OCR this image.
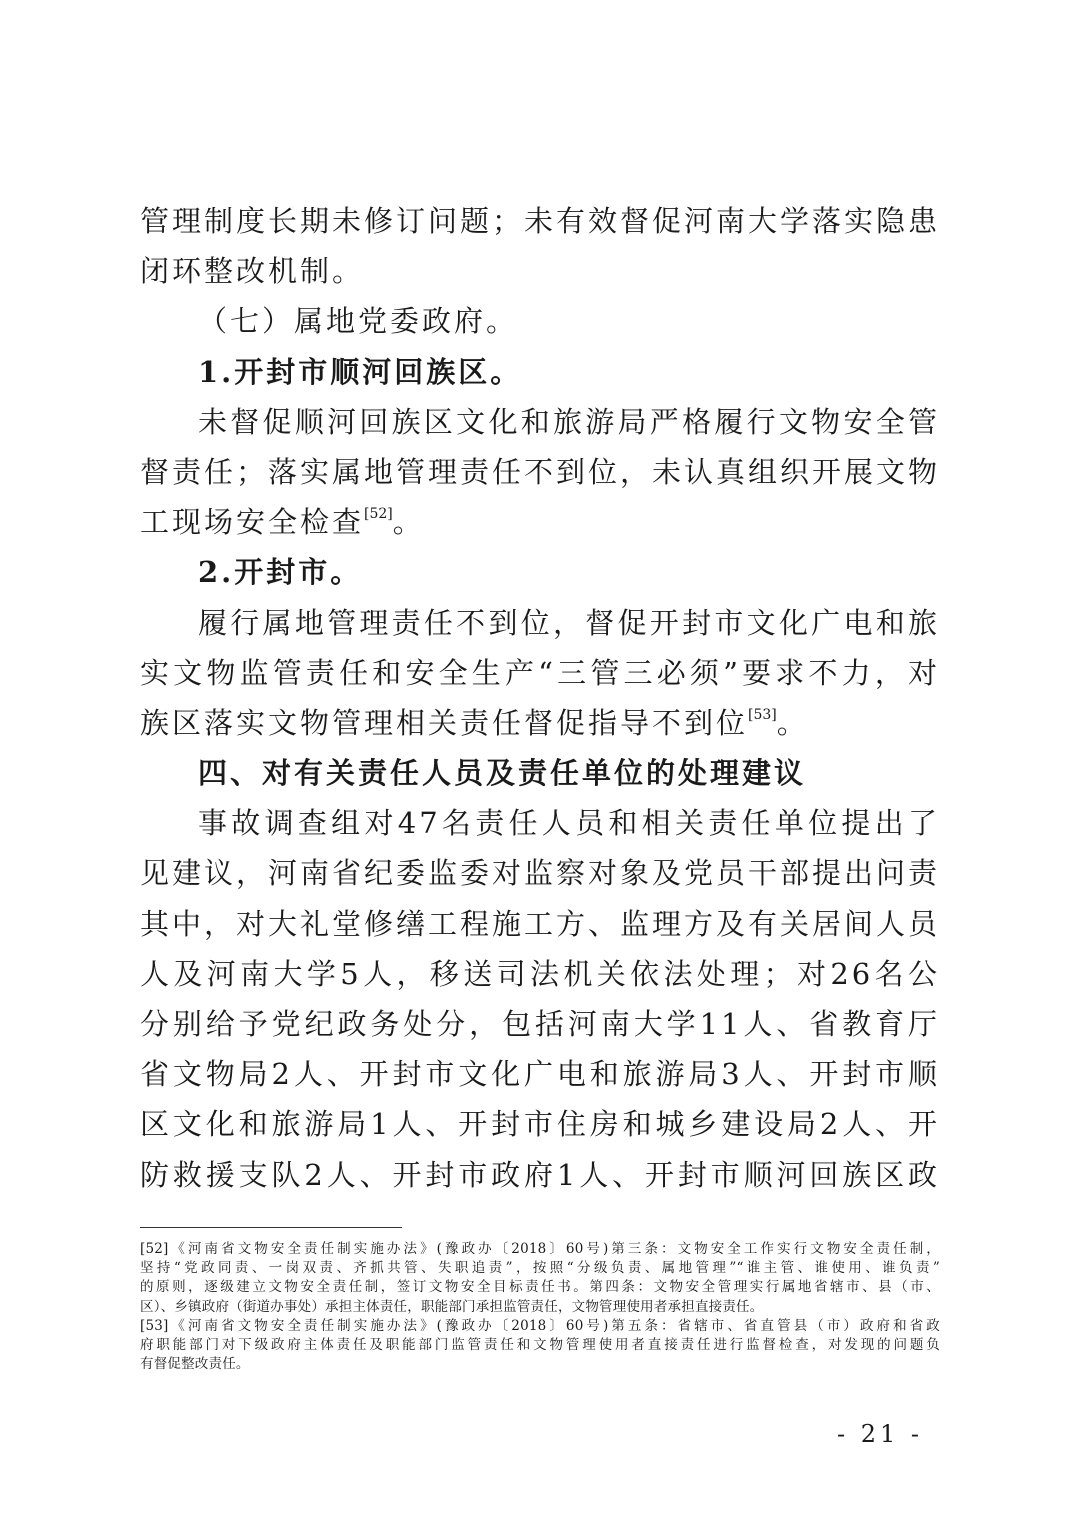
管理制度长期未修订问题；未有效督促河南大学落实隐患
闭环整改机制。
（七）属地党委政府。
1.开封市顺河回族区。
未督促顺河回族区文化和旅游局严格履行文物安全管
督责任；落实属地管理责任不到位，未认真组织开展文物
工现场安全检查[52]。
2.开封市。
履行属地管理责任不到位，督促开封市文化广电和旅
实文物监管责任和安全生产“三管三必须”要求不力，对
族区落实文物管理相关责任督促指导不到位[53]。
四、对有关责任人员及责任单位的处理建议
事故调查组对47名责任人员和相关责任单位提出了
见建议，河南省纪委监委对监察对象及党员干部提出问责
其中，对大礼堂修缮工程施工方、监理方及有关居间人员
人及河南大学5人，移送司法机关依法处理；对26名公
分别给予党纪政务处分，包括河南大学11人、省教育厅
省文物局2人、开封市文化广电和旅游局3人、开封市顺
区文化和旅游局1人、开封市住房和城乡建设局2人、开
防救援支队2人、开封市政府1人、开封市顺河回族区政
[52]《河南省文物安全责任制实施办法》(豫政办〔2018〕60号)第三条：文物安全工作实行文物安全责任制，
坚持“党政同责、一岗双责、齐抓共管、失职追责”，按照“分级负责、属地管理”“谁主管、谁使用、谁负责”
的原则，逐级建立文物安全责任制，签订文物安全目标责任书。第四条：文物安全管理实行属地省辖市、县（市、
区）、乡镇政府（街道办事处）承担主体责任，职能部门承担监管责任，文物管理使用者承担直接责任。
[53]《河南省文物安全责任制实施办法》(豫政办〔2018〕60号)第五条：省辖市、省直管县（市）政府和省政
府职能部门对下级政府主体责任及职能部门监管责任和文物管理使用者直接责任进行监督检查，对发现的问题负
有督促整改责任。
- 21 -
